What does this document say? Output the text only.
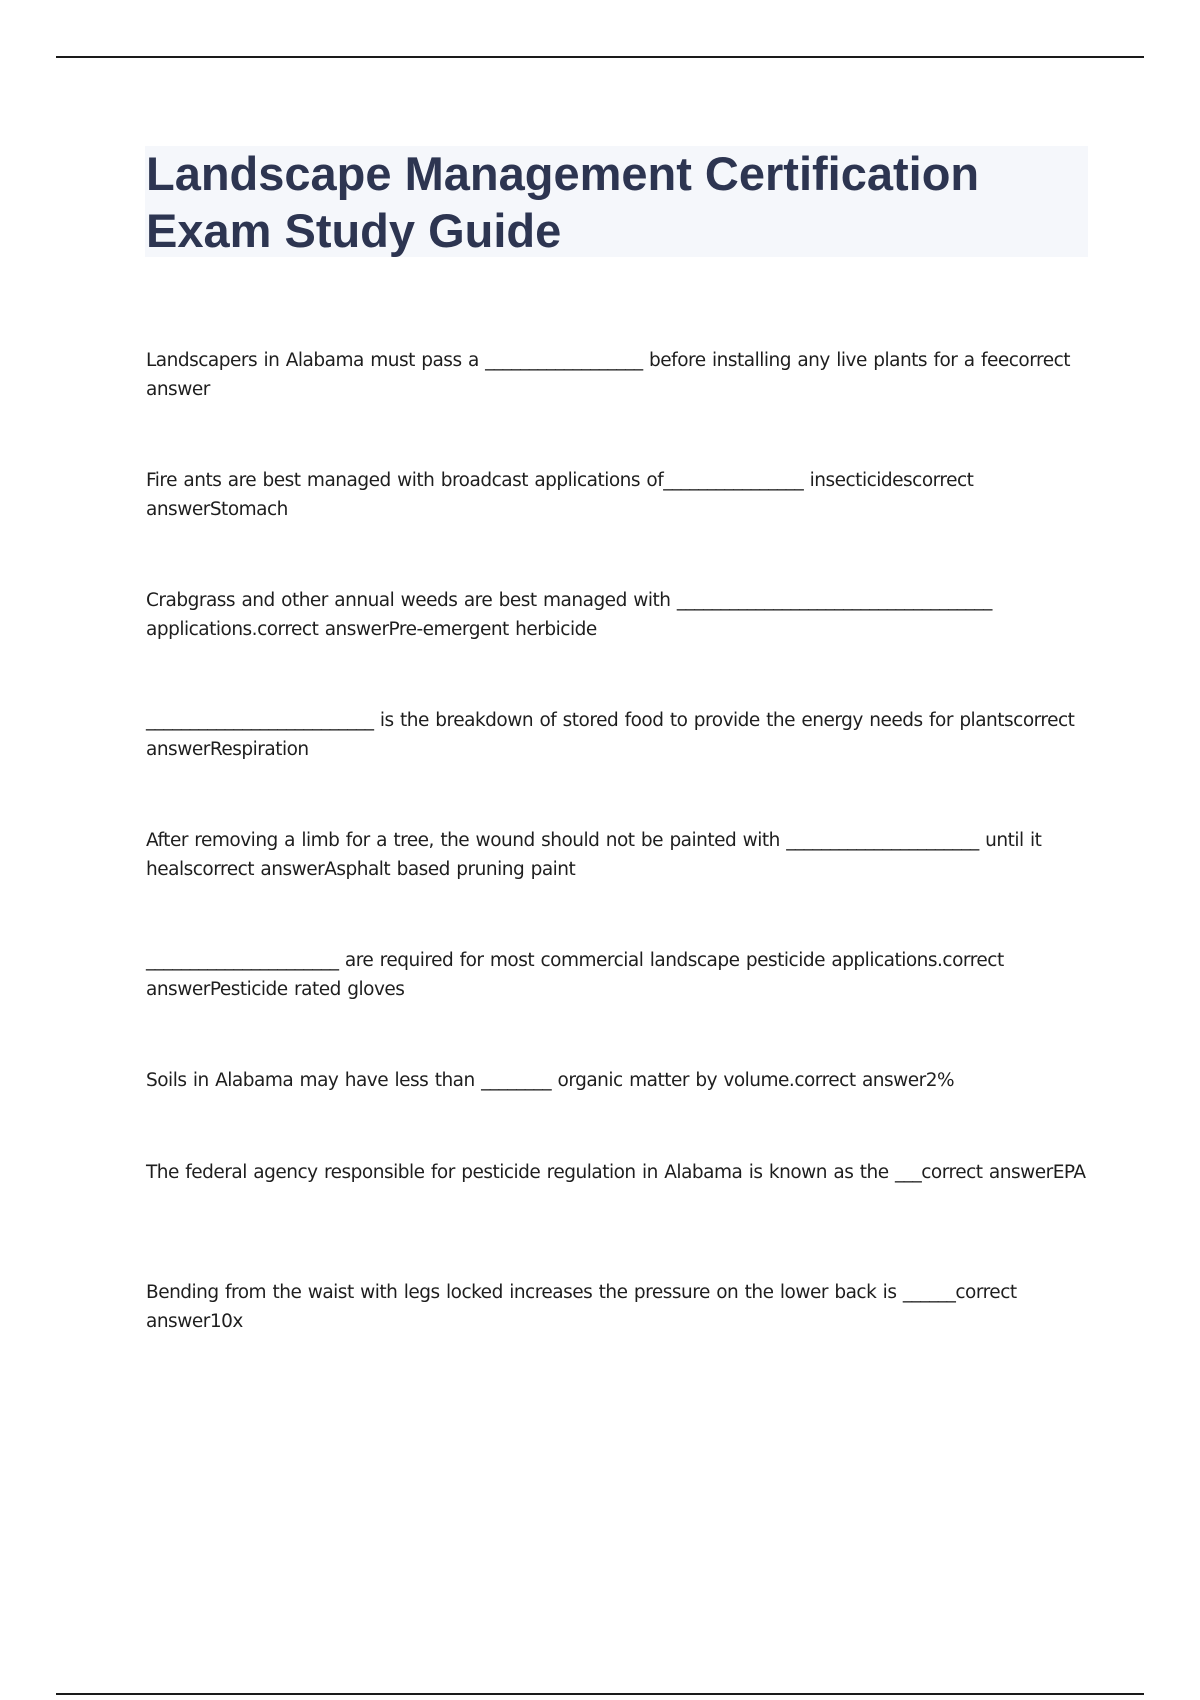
Landscape Management Certification Exam Study Guide

Landscapers in Alabama must pass a __________________ before installing any live plants for a feecorrect answer

Fire ants are best managed with broadcast applications of________________ insecticidescorrect answerStomach

Crabgrass and other annual weeds are best managed with ____________________________________ applications.correct answerPre-emergent herbicide

__________________________ is the breakdown of stored food to provide the energy needs for plantscorrect answerRespiration

After removing a limb for a tree, the wound should not be painted with ______________________ until it healscorrect answerAsphalt based pruning paint

______________________ are required for most commercial landscape pesticide applications.correct answerPesticide rated gloves

Soils in Alabama may have less than ________ organic matter by volume.correct answer2%

The federal agency responsible for pesticide regulation in Alabama is known as the ___correct answerEPA

Bending from the waist with legs locked increases the pressure on the lower back is ______correct answer10x
